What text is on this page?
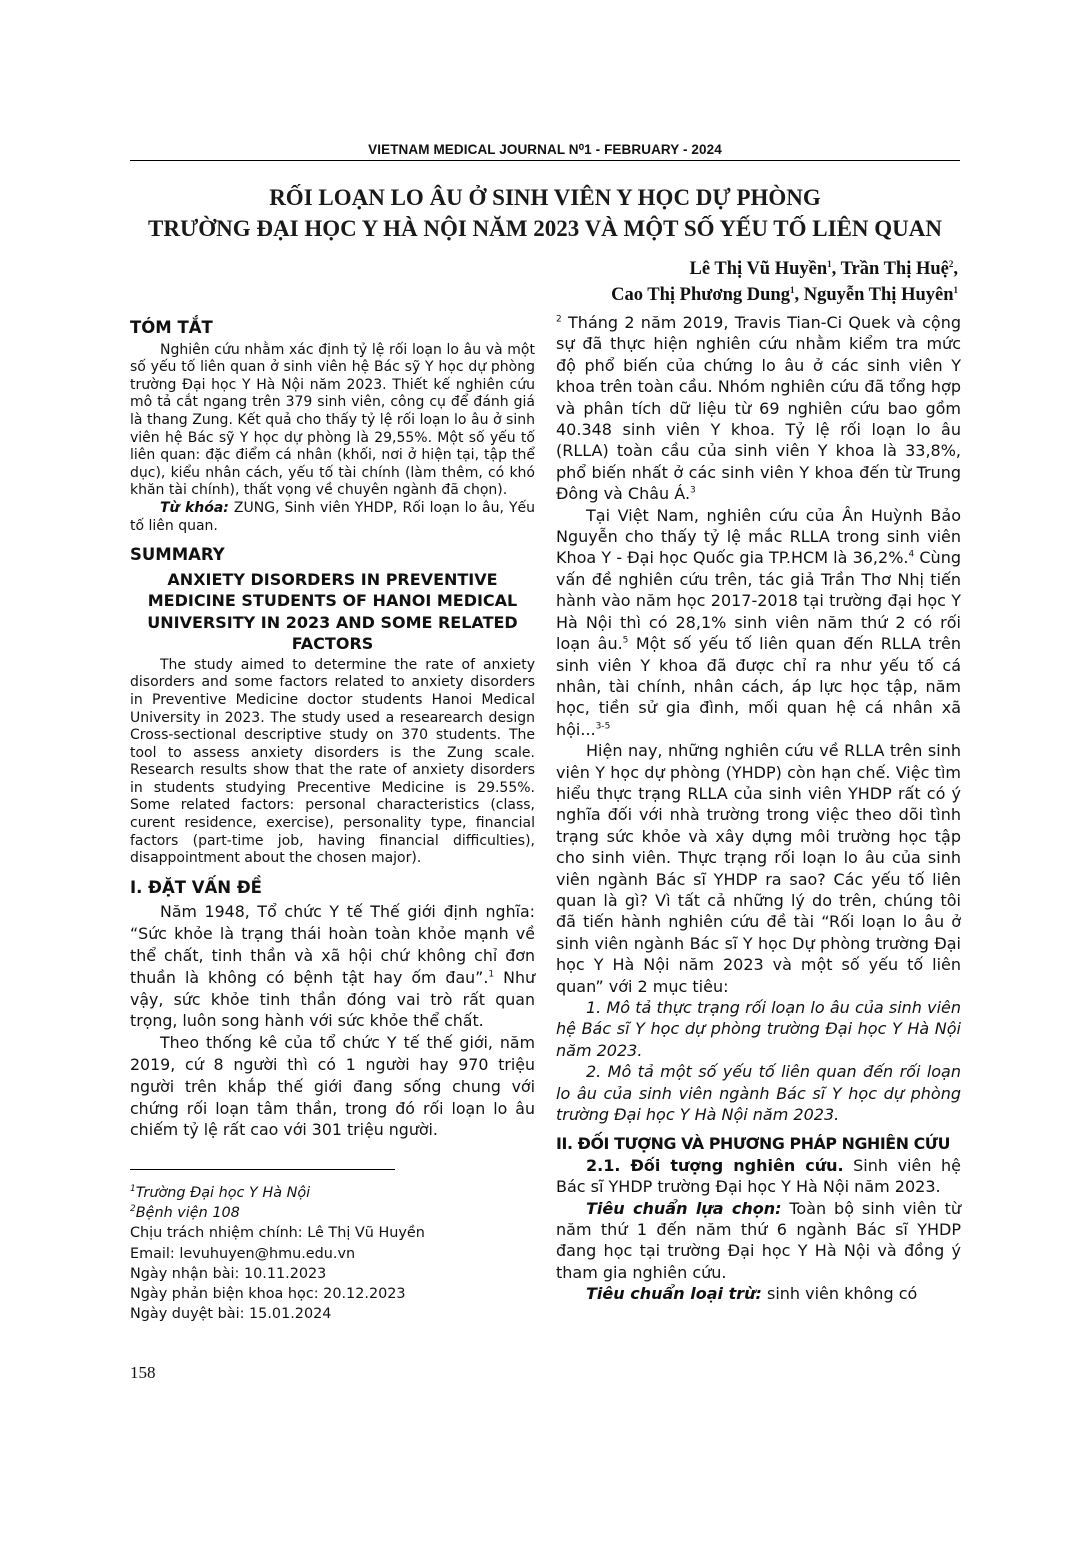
VIETNAM MEDICAL JOURNAL N⁰1 - FEBRUARY - 2024
RỐI LOẠN LO ÂU Ở SINH VIÊN Y HỌC DỰ PHÒNG
TRƯỜNG ĐẠI HỌC Y HÀ NỘI NĂM 2023 VÀ MỘT SỐ YẾU TỐ LIÊN QUAN
Lê Thị Vũ Huyền$^1$, Trần Thị Huệ$^2$,
Cao Thị Phương Dung$^1$, Nguyễn Thị Huyên$^1$
TÓM TẮT

Nghiên cứu nhằm xác định tỷ lệ rối loạn lo âu và một số yếu tố liên quan ở sinh viên hệ Bác sỹ Y học dự phòng trường Đại học Y Hà Nội năm 2023. Thiết kế nghiên cứu mô tả cắt ngang trên 379 sinh viên, công cụ để đánh giá là thang Zung. Kết quả cho thấy tỷ lệ rối loạn lo âu ở sinh viên hệ Bác sỹ Y học dự phòng là 29,55%. Một số yếu tố liên quan: đặc điểm cá nhân (khối, nơi ở hiện tại, tập thể dục), kiểu nhân cách, yếu tố tài chính (làm thêm, có khó khăn tài chính), thất vọng về chuyên ngành đã chọn).

Từ khóa: ZUNG, Sinh viên YHDP, Rối loạn lo âu, Yếu tố liên quan.

SUMMARY
ANXIETY DISORDERS IN PREVENTIVE MEDICINE STUDENTS OF HANOI MEDICAL UNIVERSITY IN 2023 AND SOME RELATED FACTORS

The study aimed to determine the rate of anxiety disorders and some factors related to anxiety disorders in Preventive Medicine doctor students Hanoi Medical University in 2023. The study used a researearch design Cross-sectional descriptive study on 370 students. The tool to assess anxiety disorders is the Zung scale. Research results show that the rate of anxiety disorders in students studying Precentive Medicine is 29.55%. Some related factors: personal characteristics (class, curent residence, exercise), personality type, financial factors (part-time job, having financial difficulties), disappointment about the chosen major).

I. ĐẶT VẤN ĐỀ

Năm 1948, Tổ chức Y tế Thế giới định nghĩa: “Sức khỏe là trạng thái hoàn toàn khỏe mạnh về thể chất, tinh thần và xã hội chứ không chỉ đơn thuần là không có bệnh tật hay ốm đau”.$^1$ Như vậy, sức khỏe tinh thần đóng vai trò rất quan trọng, luôn song hành với sức khỏe thể chất.

Theo thống kê của tổ chức Y tế thế giới, năm 2019, cứ 8 người thì có 1 người hay 970 triệu người trên khắp thế giới đang sống chung với chứng rối loạn tâm thần, trong đó rối loạn lo âu chiếm tỷ lệ rất cao với 301 triệu người.

$^1$Trường Đại học Y Hà Nội
$^2$Bệnh viện 108
Chịu trách nhiệm chính: Lê Thị Vũ Huyền
Email: levuhuyen@hmu.edu.vn
Ngày nhận bài: 10.11.2023
Ngày phản biện khoa học: 20.12.2023
Ngày duyệt bài: 15.01.2024
158

$^2$ Tháng 2 năm 2019, Travis Tian-Ci Quek và cộng sự đã thực hiện nghiên cứu nhằm kiểm tra mức độ phổ biến của chứng lo âu ở các sinh viên Y khoa trên toàn cầu. Nhóm nghiên cứu đã tổng hợp và phân tích dữ liệu từ 69 nghiên cứu bao gồm 40.348 sinh viên Y khoa. Tỷ lệ rối loạn lo âu (RLLA) toàn cầu của sinh viên Y khoa là 33,8%, phổ biến nhất ở các sinh viên Y khoa đến từ Trung Đông và Châu Á.$^3$

Tại Việt Nam, nghiên cứu của Ân Huỳnh Bảo Nguyễn cho thấy tỷ lệ mắc RLLA trong sinh viên Khoa Y - Đại học Quốc gia TP.HCM là 36,2%.$^4$ Cùng vấn đề nghiên cứu trên, tác giả Trần Thơ Nhị tiến hành vào năm học 2017-2018 tại trường đại học Y Hà Nội thì có 28,1% sinh viên năm thứ 2 có rối loạn âu.$^5$ Một số yếu tố liên quan đến RLLA trên sinh viên Y khoa đã được chỉ ra như yếu tố cá nhân, tài chính, nhân cách, áp lực học tập, năm học, tiền sử gia đình, mối quan hệ cá nhân xã hội...$^{3-5}$

Hiện nay, những nghiên cứu về RLLA trên sinh viên Y học dự phòng (YHDP) còn hạn chế. Việc tìm hiểu thực trạng RLLA của sinh viên YHDP rất có ý nghĩa đối với nhà trường trong việc theo dõi tình trạng sức khỏe và xây dựng môi trường học tập cho sinh viên. Thực trạng rối loạn lo âu của sinh viên ngành Bác sĩ YHDP ra sao? Các yếu tố liên quan là gì? Vì tất cả những lý do trên, chúng tôi đã tiến hành nghiên cứu đề tài “Rối loạn lo âu ở sinh viên ngành Bác sĩ Y học Dự phòng trường Đại học Y Hà Nội năm 2023 và một số yếu tố liên quan” với 2 mục tiêu:

1. Mô tả thực trạng rối loạn lo âu của sinh viên hệ Bác sĩ Y học dự phòng trường Đại học Y Hà Nội năm 2023.

2. Mô tả một số yếu tố liên quan đến rối loạn lo âu của sinh viên ngành Bác sĩ Y học dự phòng trường Đại học Y Hà Nội năm 2023.

II. ĐỐI TƯỢNG VÀ PHƯƠNG PHÁP NGHIÊN CỨU

2.1. Đối tượng nghiên cứu. Sinh viên hệ Bác sĩ YHDP trường Đại học Y Hà Nội năm 2023.

Tiêu chuẩn lựa chọn: Toàn bộ sinh viên từ năm thứ 1 đến năm thứ 6 ngành Bác sĩ YHDP đang học tại trường Đại học Y Hà Nội và đồng ý tham gia nghiên cứu.

Tiêu chuẩn loại trừ: sinh viên không có
